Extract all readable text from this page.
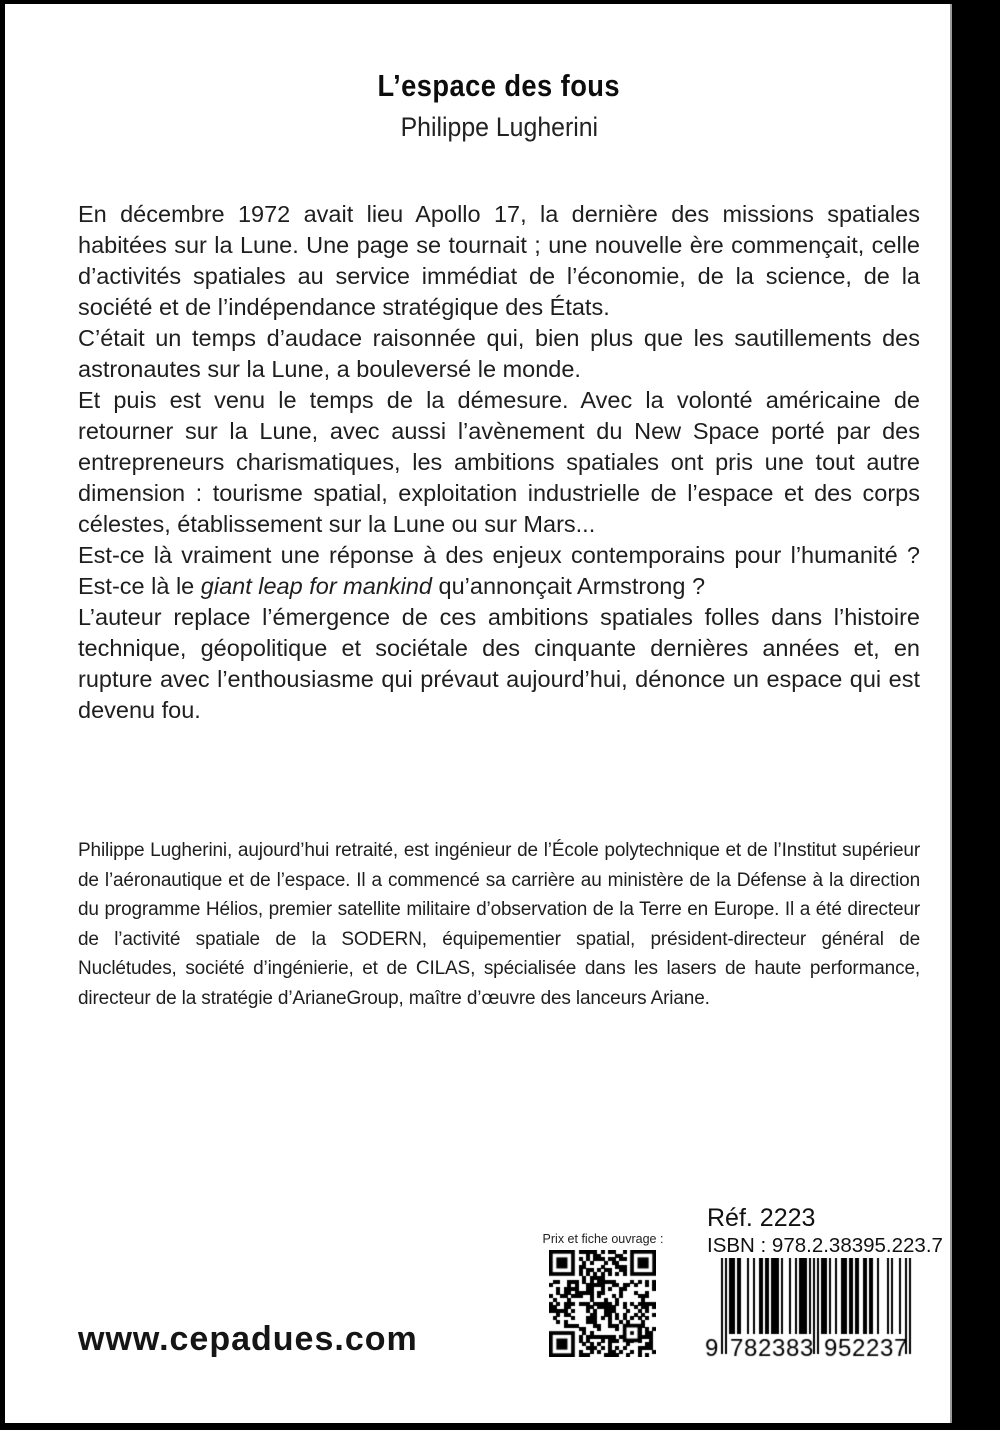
L’espace des fous
Philippe Lugherini

En décembre 1972 avait lieu Apollo 17, la dernière des missions spatiales habitées sur la Lune. Une page se tournait ; une nouvelle ère commençait, celle d’activités spatiales au service immédiat de l’économie, de la science, de la société et de l’indépendance stratégique des États.

C’était un temps d’audace raisonnée qui, bien plus que les sautillements des astronautes sur la Lune, a bouleversé le monde.

Et puis est venu le temps de la démesure. Avec la volonté américaine de retourner sur la Lune, avec aussi l’avènement du New Space porté par des entrepreneurs charismatiques, les ambitions spatiales ont pris une tout autre dimension : tourisme spatial, exploitation industrielle de l’espace et des corps célestes, établissement sur la Lune ou sur Mars...

Est-ce là vraiment une réponse à des enjeux contemporains pour l’humanité ? Est-ce là le giant leap for mankind qu’annonçait Armstrong ?

L’auteur replace l’émergence de ces ambitions spatiales folles dans l’histoire technique, géopolitique et sociétale des cinquante dernières années et, en rupture avec l’enthousiasme qui prévaut aujourd’hui, dénonce un espace qui est devenu fou.

Philippe Lugherini, aujourd’hui retraité, est ingénieur de l’École polytechnique et de l’Institut supérieur de l’aéronautique et de l’espace. Il a commencé sa carrière au ministère de la Défense à la direction du programme Hélios, premier satellite militaire d’observation de la Terre en Europe. Il a été directeur de l’activité spatiale de la SODERN, équipementier spatial, président-directeur général de Nuclétudes, société d’ingénierie, et de CILAS, spécialisée dans les lasers de haute performance, directeur de la stratégie d’ArianeGroup, maître d’œuvre des lanceurs Ariane.
Prix et fiche ouvrage :
Réf. 2223
ISBN : 978.2.38395.223.7
www.cepadues.com
